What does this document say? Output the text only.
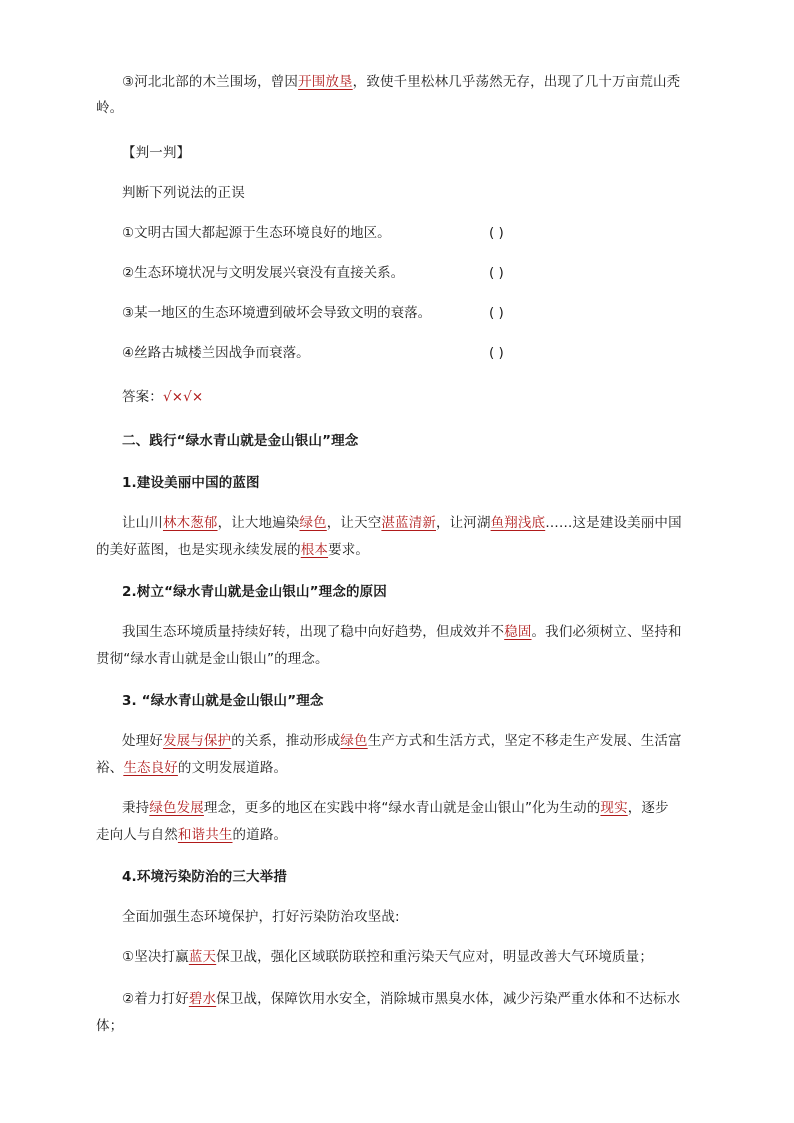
③河北北部的木兰围场，曾因开围放垦，致使千里松林几乎荡然无存，出现了几十万亩荒山秃
岭。
【判一判】
判断下列说法的正误
①文明古国大都起源于生态环境良好的地区。	( )
②生态环境状况与文明发展兴衰没有直接关系。	( )
③某一地区的生态环境遭到破坏会导致文明的衰落。	( )
④丝路古城楼兰因战争而衰落。	( )
答案：√×√×
二、践行“绿水青山就是金山银山”理念
1.建设美丽中国的蓝图
让山川林木葱郁，让大地遍染绿色，让天空湛蓝清新，让河湖鱼翔浅底……这是建设美丽中国
的美好蓝图，也是实现永续发展的根本要求。
2.树立“绿水青山就是金山银山”理念的原因
我国生态环境质量持续好转，出现了稳中向好趋势，但成效并不稳固。我们必须树立、坚持和
贯彻“绿水青山就是金山银山”的理念。
3. “绿水青山就是金山银山”理念
处理好发展与保护的关系，推动形成绿色生产方式和生活方式，坚定不移走生产发展、生活富
裕、生态良好的文明发展道路。
秉持绿色发展理念，更多的地区在实践中将“绿水青山就是金山银山”化为生动的现实，逐步
走向人与自然和谐共生的道路。
4.环境污染防治的三大举措
全面加强生态环境保护，打好污染防治攻坚战:
①坚决打赢蓝天保卫战，强化区域联防联控和重污染天气应对，明显改善大气环境质量；
②着力打好碧水保卫战，保障饮用水安全，消除城市黑臭水体，减少污染严重水体和不达标水
体；
